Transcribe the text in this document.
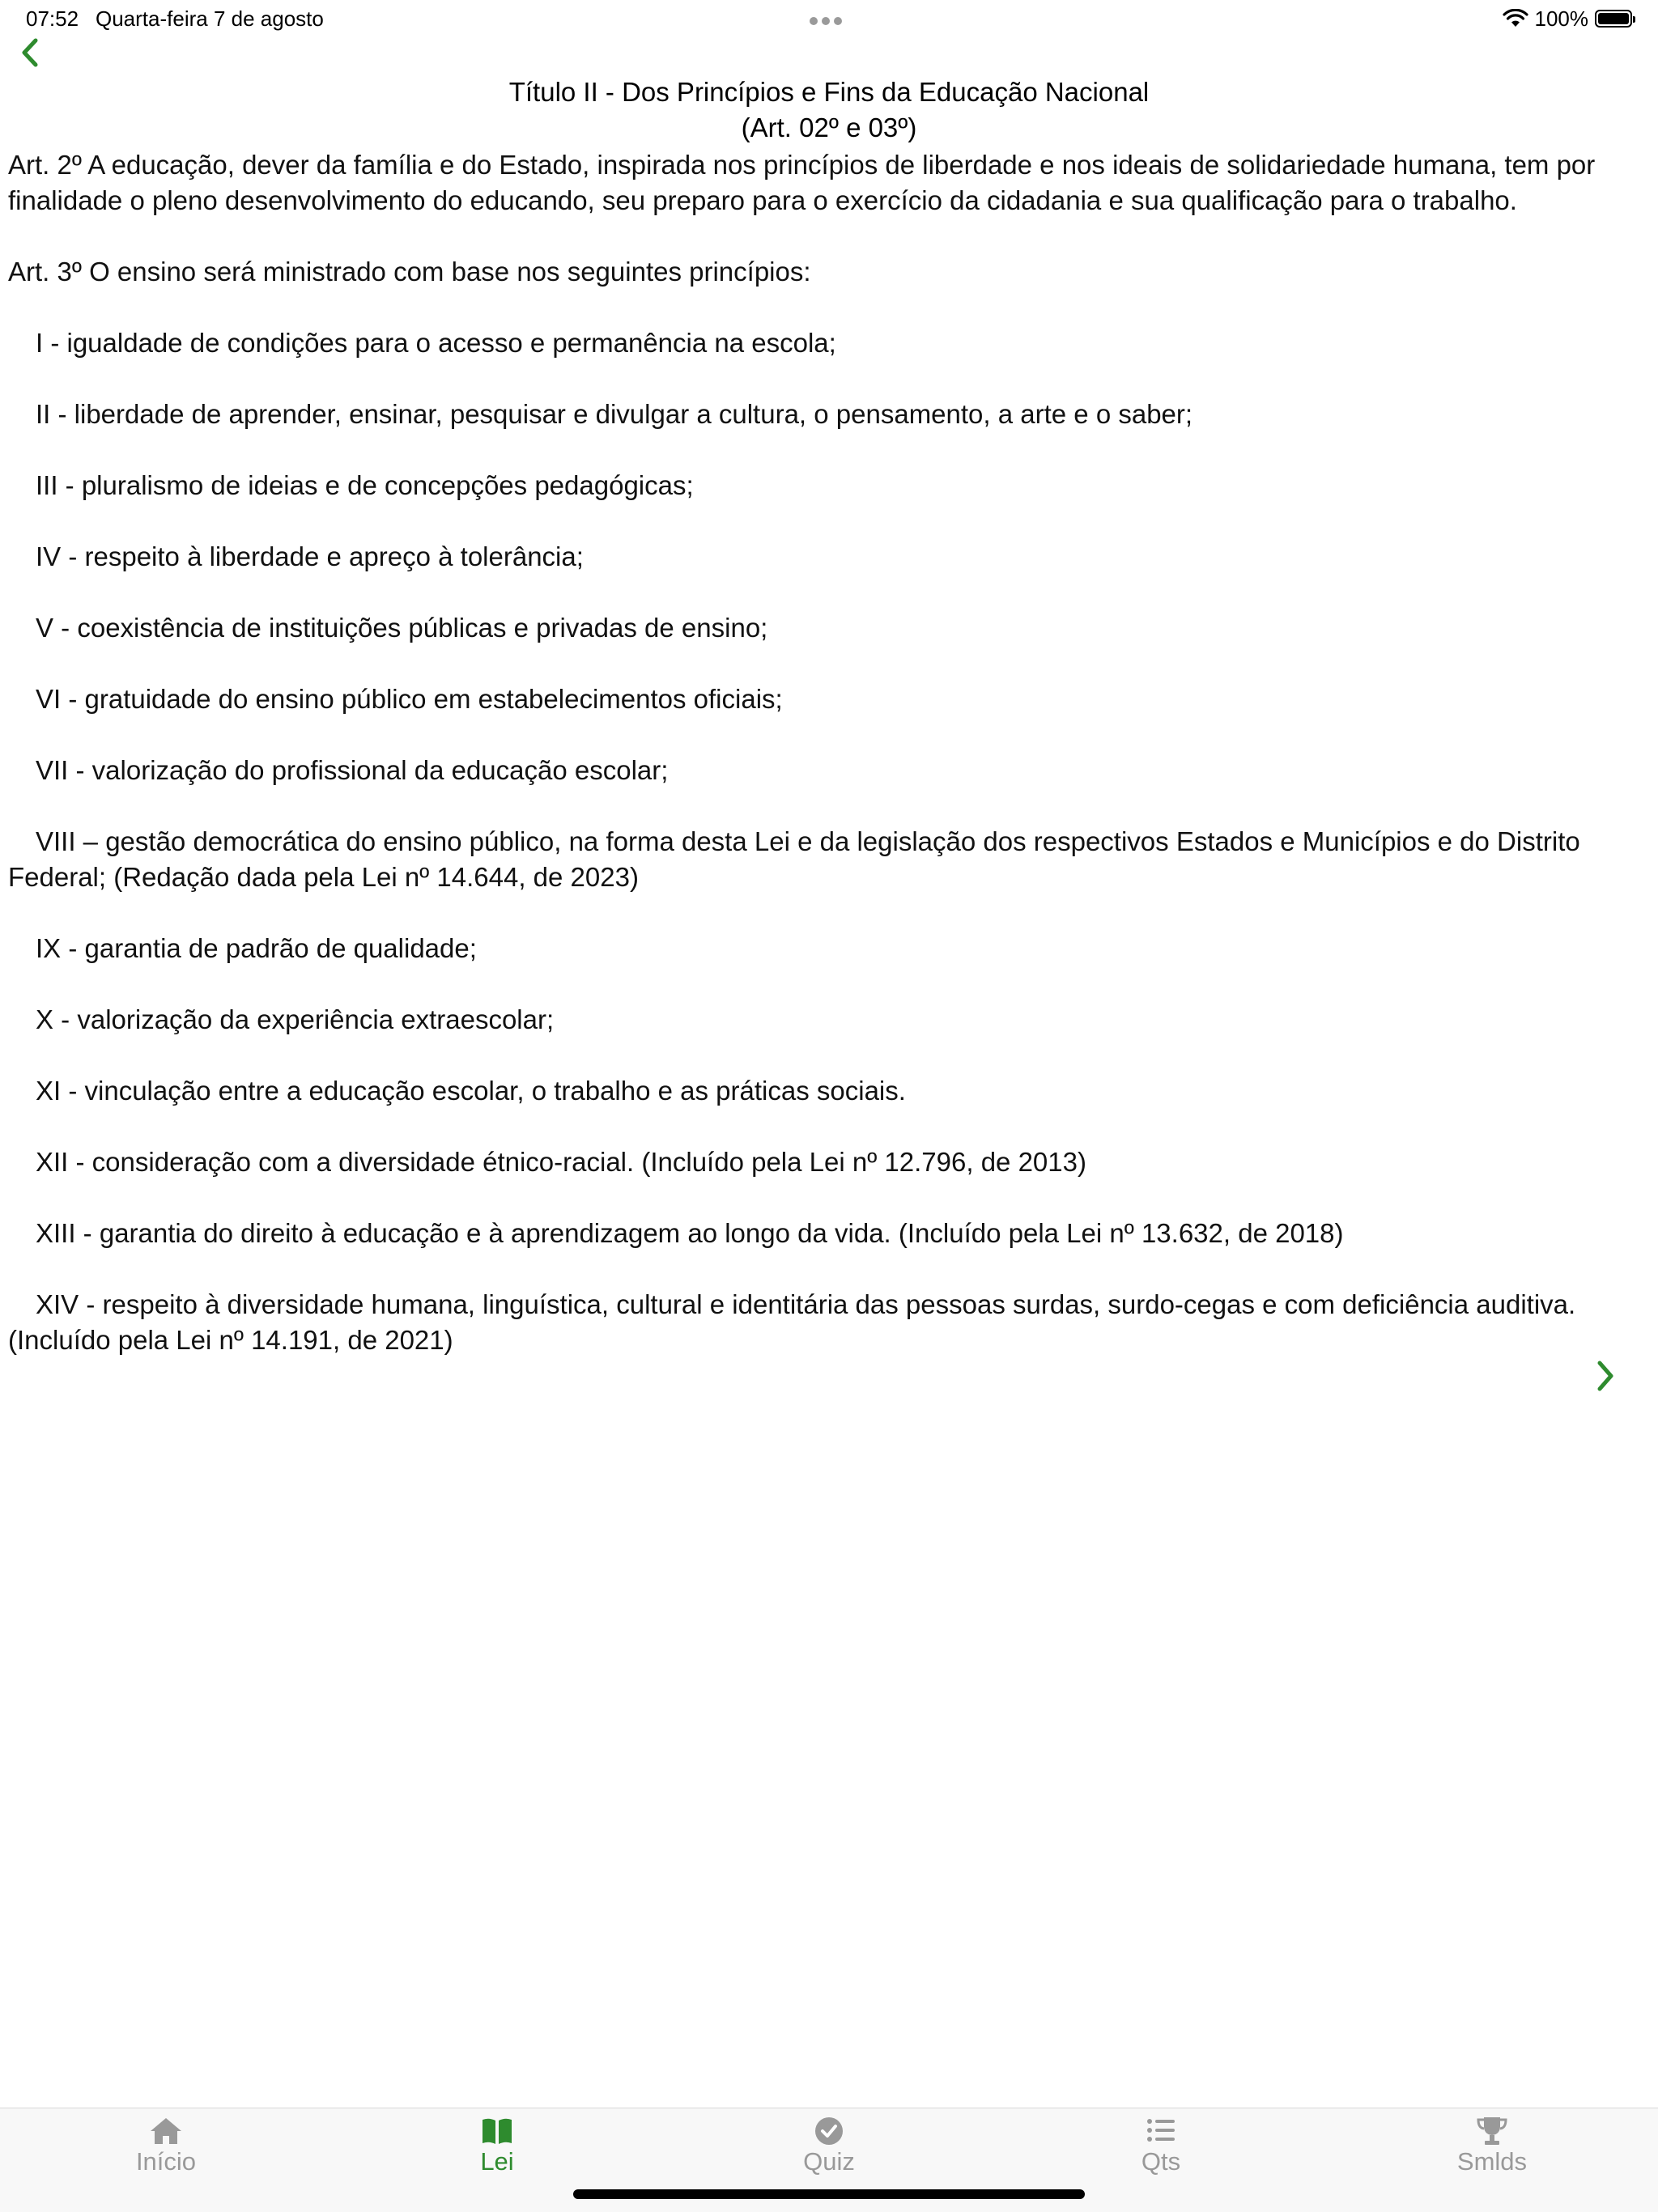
07:52 Quarta-feira 7 de agosto	100%
Título II - Dos Princípios e Fins da Educação Nacional
(Art. 02º e 03º)

Art. 2º A educação, dever da família e do Estado, inspirada nos princípios de liberdade e nos ideais de solidariedade humana, tem por finalidade o pleno desenvolvimento do educando, seu preparo para o exercício da cidadania e sua qualificação para o trabalho.

Art. 3º O ensino será ministrado com base nos seguintes princípios:

I - igualdade de condições para o acesso e permanência na escola;

II - liberdade de aprender, ensinar, pesquisar e divulgar a cultura, o pensamento, a arte e o saber;

III - pluralismo de ideias e de concepções pedagógicas;

IV - respeito à liberdade e apreço à tolerância;

V - coexistência de instituições públicas e privadas de ensino;

VI - gratuidade do ensino público em estabelecimentos oficiais;

VII - valorização do profissional da educação escolar;

VIII – gestão democrática do ensino público, na forma desta Lei e da legislação dos respectivos Estados e Municípios e do Distrito Federal; (Redação dada pela Lei nº 14.644, de 2023)

IX - garantia de padrão de qualidade;

X - valorização da experiência extraescolar;

XI - vinculação entre a educação escolar, o trabalho e as práticas sociais.

XII - consideração com a diversidade étnico-racial. (Incluído pela Lei nº 12.796, de 2013)

XIII - garantia do direito à educação e à aprendizagem ao longo da vida. (Incluído pela Lei nº 13.632, de 2018)

XIV - respeito à diversidade humana, linguística, cultural e identitária das pessoas surdas, surdo-cegas e com deficiência auditiva. (Incluído pela Lei nº 14.191, de 2021)

Início	Lei	Quiz	Qts	Smlds
